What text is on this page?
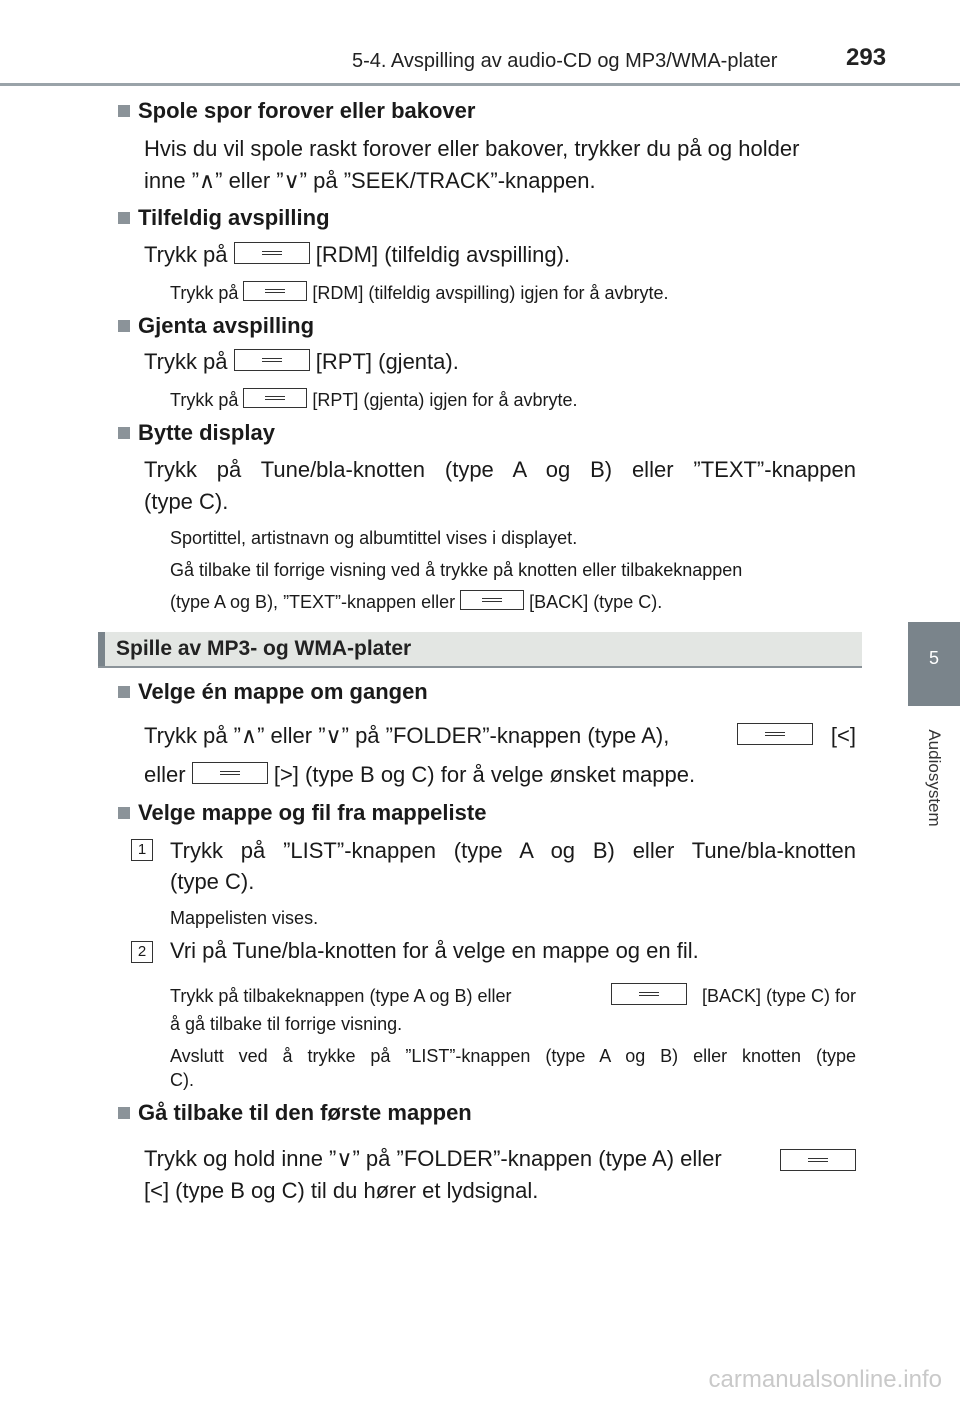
5-4. Avspilling av audio-CD og MP3/WMA-plater	293
5
Audiosystem
Spole spor forover eller bakover
Hvis du vil spole raskt forover eller bakover, trykker du på og holder
inne ”∧” eller ”∨” på ”SEEK/TRACK”-knappen.
Tilfeldig avspilling
Trykk på	[RDM] (tilfeldig avspilling).
Trykk på	[RDM] (tilfeldig avspilling) igjen for å avbryte.
Gjenta avspilling
Trykk på	[RPT] (gjenta).
Trykk på	[RPT] (gjenta) igjen for å avbryte.
Bytte display
Trykk på Tune/bla-knotten (type A og B) eller ”TEXT”-knappen
(type C).
Sportittel, artistnavn og albumtittel vises i displayet.
Gå tilbake til forrige visning ved å trykke på knotten eller tilbakeknappen
(type A og B), ”TEXT”-knappen eller	[BACK] (type C).
Spille av MP3- og WMA-plater
Velge én mappe om gangen
Trykk på ”∧” eller ”∨” på ”FOLDER”-knappen (type A),	[<]
eller	[>] (type B og C) for å velge ønsket mappe.
Velge mappe og fil fra mappeliste
1	Trykk på ”LIST”-knappen (type A og B) eller Tune/bla-knotten
(type C).
Mappelisten vises.
2	Vri på Tune/bla-knotten for å velge en mappe og en fil.
Trykk på tilbakeknappen (type A og B) eller	[BACK] (type C) for
å gå tilbake til forrige visning.
Avslutt ved å trykke på ”LIST”-knappen (type A og B) eller knotten (type
C).
Gå tilbake til den første mappen
Trykk og hold inne ”∨” på ”FOLDER”-knappen (type A) eller
[<] (type B og C) til du hører et lydsignal.
carmanualsonline.info
